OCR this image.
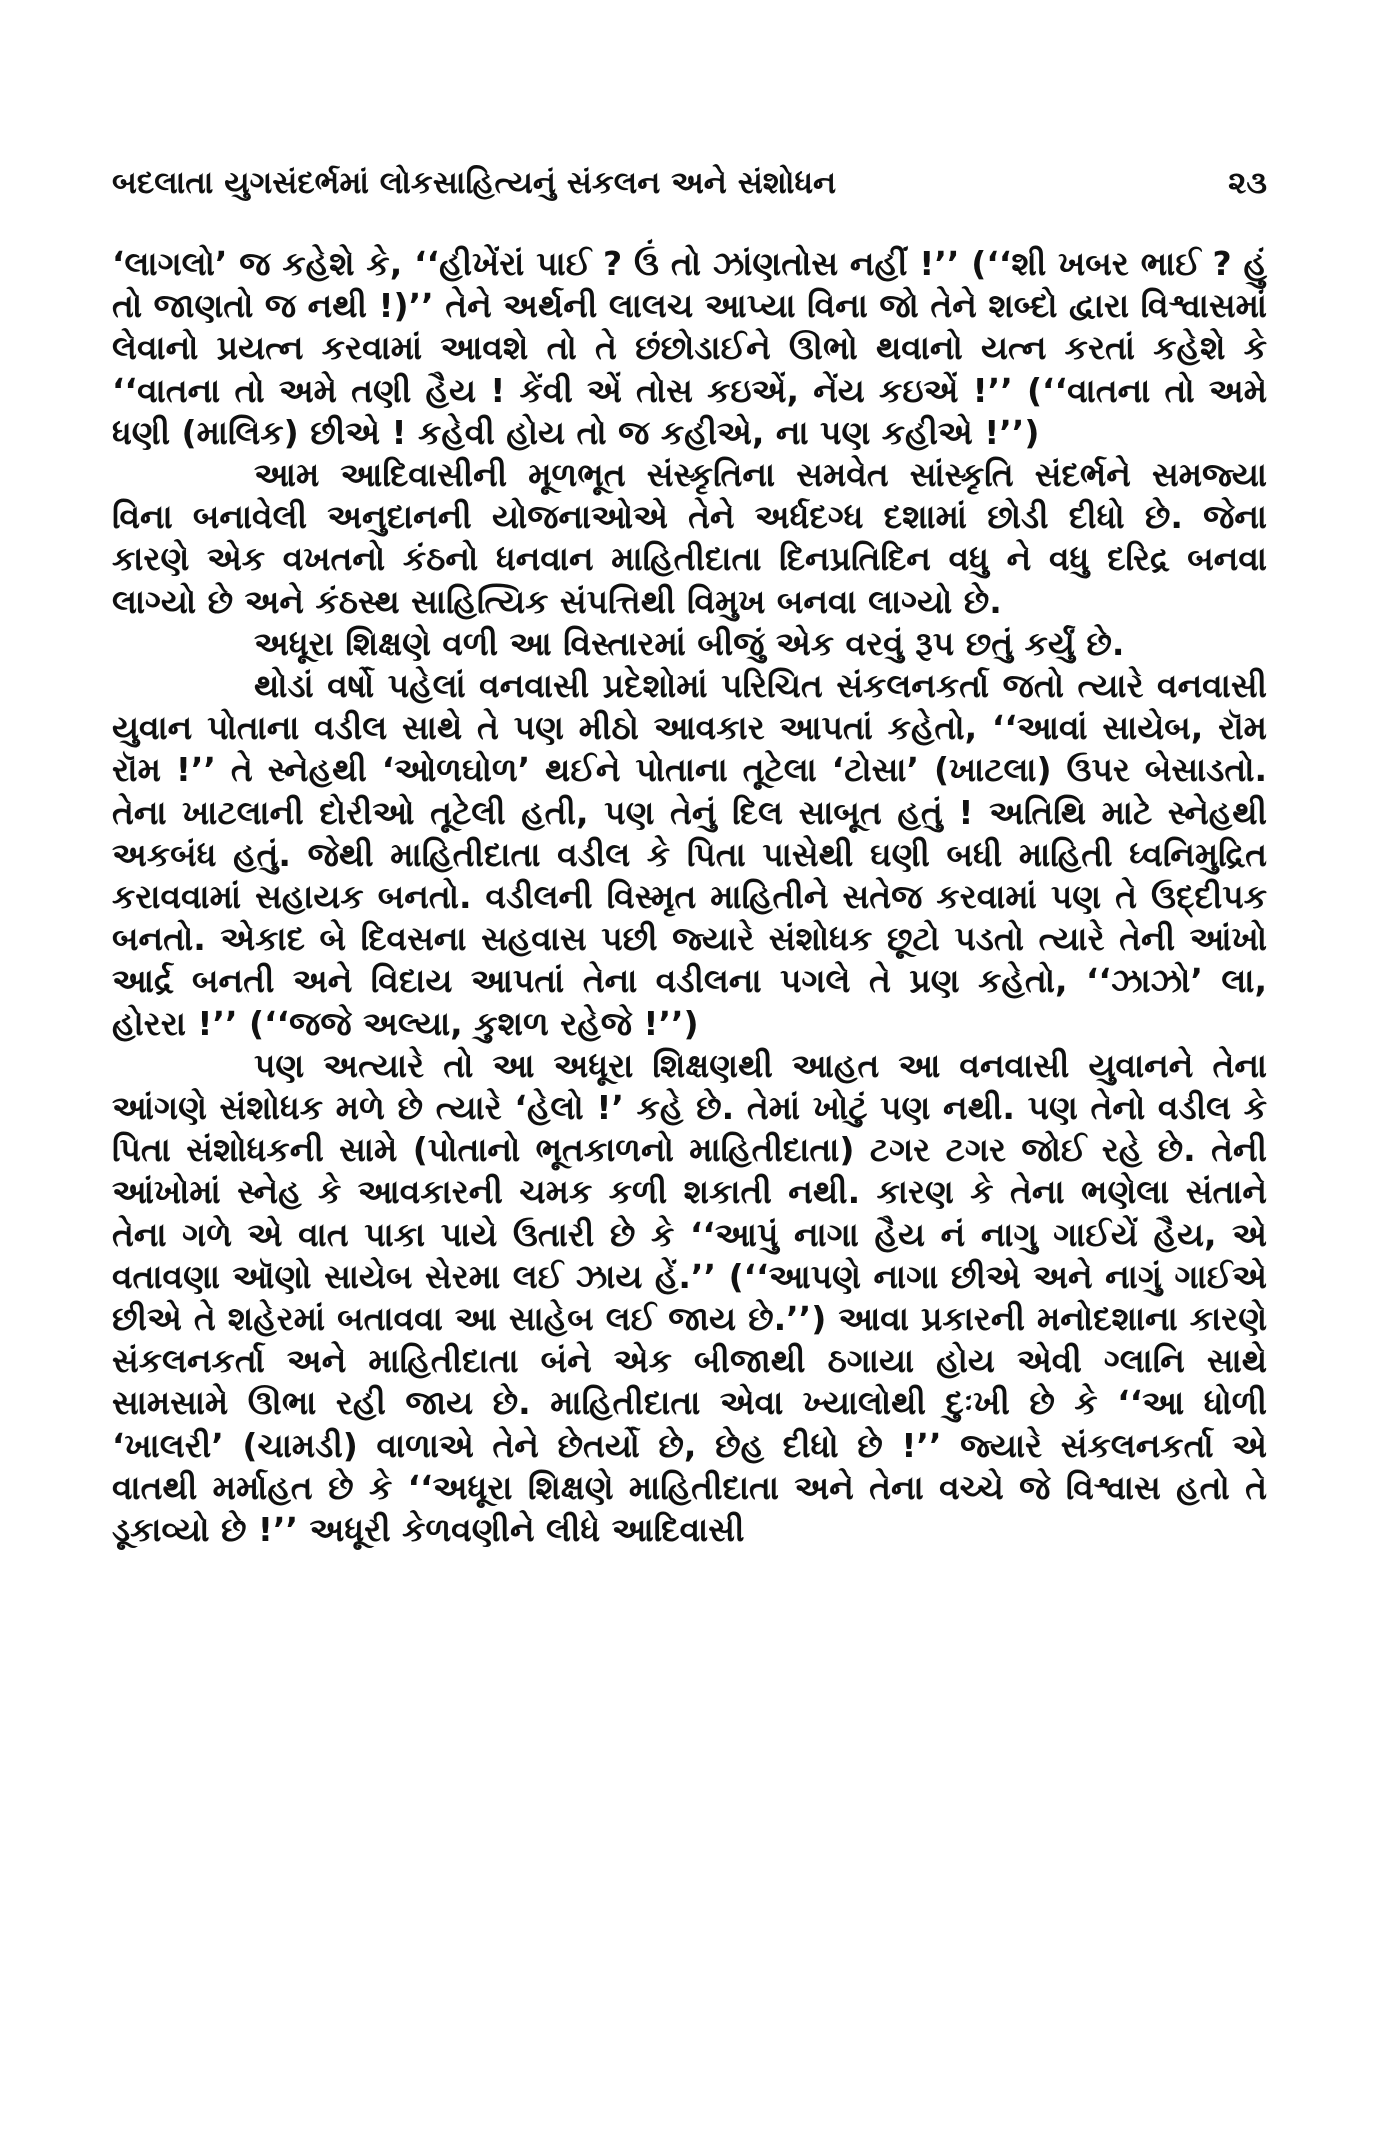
બદલાતા યુગસંદર્ભમાં લોકસાહિત્યનું સંકલન અને સંશોધન	૨૩

‘લાગલો’ જ કહેશે કે, ‘‘હીખેંરાં પાઈ ? ઉં તો ઝાંણતોસ નહીં !’’ (‘‘શી ખબર ભાઈ ? હું તો જાણતો જ નથી !)’’ તેને અર્થની લાલચ આપ્યા વિના જો તેને શબ્દો દ્વારા વિશ્વાસમાં લેવાનો પ્રયત્ન કરવામાં આવશે તો તે છંછોડાઈને ઊભો થવાનો યત્ન કરતાં કહેશે કે ‘‘વાતના તો અમે તણી હૈય ! કેંવી એં તોસ કઇએં, નેંય કઇએં !’’ (‘‘વાતના તો અમે ધણી (માલિક) છીએ ! કહેવી હોય તો જ કહીએ, ના પણ કહીએ !’’)

આમ આદિવાસીની મૂળભૂત સંસ્કૃતિના સમવેત સાંસ્કૃતિ સંદર્ભને સમજ્યા વિના બનાવેલી અનુદાનની યોજનાઓએ તેને અર્ધદગ્ધ દશામાં છોડી દીધો છે. જેના કારણે એક વખતનો કંઠનો ધનવાન માહિતીદાતા દિનપ્રતિદિન વધુ ને વધુ દરિદ્ર બનવા લાગ્યો છે અને કંઠસ્થ સાહિત્યિક સંપત્તિથી વિમુખ બનવા લાગ્યો છે.

અધૂરા શિક્ષણે વળી આ વિસ્તારમાં બીજું એક વરવું રૂપ છતું કર્યું છે.

થોડાં વર્ષો પહેલાં વનવાસી પ્રદેશોમાં પરિચિત સંકલનકર્તા જતો ત્યારે વનવાસી યુવાન પોતાના વડીલ સાથે તે પણ મીઠો આવકાર આપતાં કહેતો, ‘‘આવાં સાયેબ, રૉમ રૉમ !’’ તે સ્નેહથી ‘ઓળઘોળ’ થઈને પોતાના તૂટેલા ‘ટોસા’ (ખાટલા) ઉપર બેસાડતો. તેના ખાટલાની દોરીઓ તૂટેલી હતી, પણ તેનું દિલ સાબૂત હતું ! અતિથિ માટે સ્નેહથી અકબંધ હતું. જેથી માહિતીદાતા વડીલ કે પિતા પાસેથી ઘણી બધી માહિતી ધ્વનિમુદ્રિત કરાવવામાં સહાયક બનતો. વડીલની વિસ્મૃત માહિતીને સતેજ કરવામાં પણ તે ઉદ્દીપક બનતો. એકાદ બે દિવસના સહવાસ પછી જ્યારે સંશોધક છૂટો પડતો ત્યારે તેની આંખો આર્દ્ર બનતી અને વિદાય આપતાં તેના વડીલના પગલે તે પ્રણ કહેતો, ‘‘ઝાઝો’ લા, હોરરા !’’ (‘‘જજે અલ્યા, કુશળ રહેજે !’’)

પણ અત્યારે તો આ અધૂરા શિક્ષણથી આહત આ વનવાસી યુવાનને તેના આંગણે સંશોધક મળે છે ત્યારે ‘હેલો !’ કહે છે. તેમાં ખોટું પણ નથી. પણ તેનો વડીલ કે પિતા સંશોધકની સામે (પોતાનો ભૂતકાળનો માહિતીદાતા) ટગર ટગર જોઈ રહે છે. તેની આંખોમાં સ્નેહ કે આવકારની ચમક કળી શકાતી નથી. કારણ કે તેના ભણેલા સંતાને તેના ગળે એ વાત પાકા પાયે ઉતારી છે કે ‘‘આપું નાગા હૈય નં નાગુ ગાઈયેં હૈય, એ વતાવણા ઑણો સાયેબ સેરમા લઈ ઝાય હેં.’’ (‘‘આપણે નાગા છીએ અને નાગું ગાઈએ છીએ તે શહેરમાં બતાવવા આ સાહેબ લઈ જાય છે.’’) આવા પ્રકારની મનોદશાના કારણે સંકલનકર્તા અને માહિતીદાતા બંને એક બીજાથી ઠગાયા હોય એવી ગ્લાનિ સાથે સામસામે ઊભા રહી જાય છે. માહિતીદાતા એવા ખ્યાલોથી દુઃખી છે કે ‘‘આ ધોળી ‘ખાલરી’ (ચામડી) વાળાએ તેને છેતર્યો છે, છેહ દીધો છે !’’ જ્યારે સંકલનકર્તા એ વાતથી મર્માહત છે કે ‘‘અધૂરા શિક્ષણે માહિતીદાતા અને તેના વચ્ચે જે વિશ્વાસ હતો તે ડૂકાવ્યો છે !’’ અધૂરી કેળવણીને લીધે આદિવાસી
